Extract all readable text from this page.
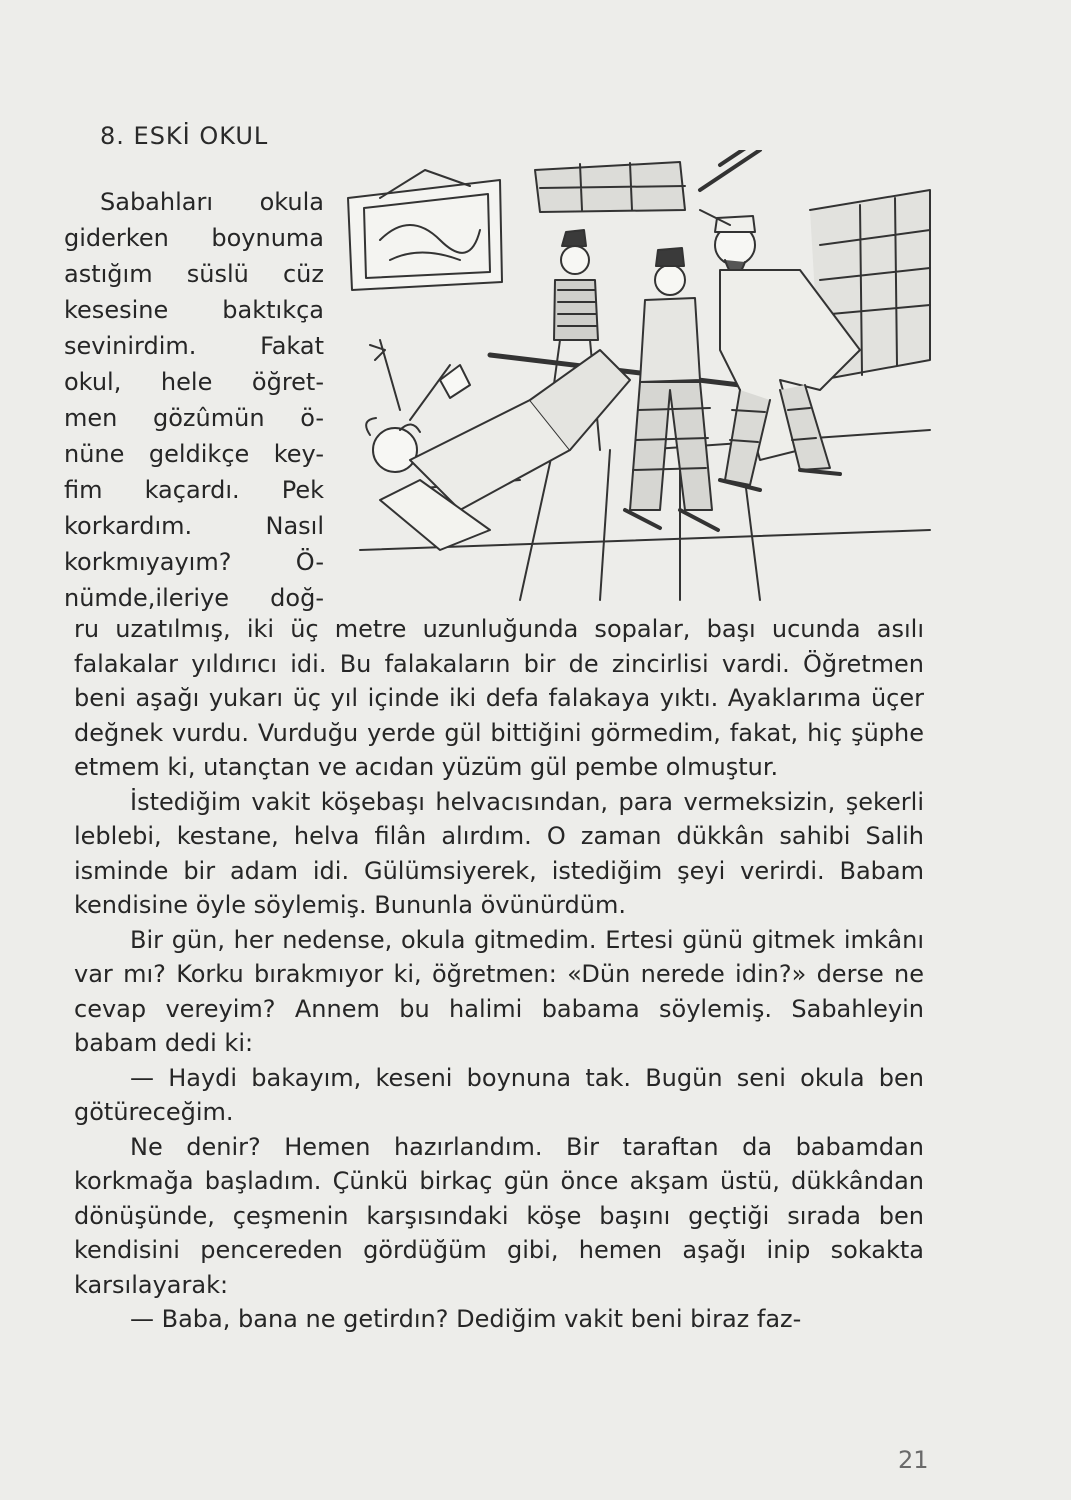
8. ESKİ OKUL
Sabahları okula
giderken boynuma
astığım süslü cüz
kesesine baktıkça
sevinirdim. Fakat
okul, hele öğret-
men gözûmün ö-
nüne geldikçe key-
fim kaçardı. Pek
korkardım. Nasıl
korkmıyayım? Ö-
nümde,ileriye doğ-

ru uzatılmış, iki üç metre uzunluğunda sopalar, başı ucunda asılı falakalar yıldırıcı idi. Bu falakaların bir de zincirlisi vardi. Öğretmen beni aşağı yukarı üç yıl içinde iki defa falakaya yıktı. Ayaklarıma üçer değnek vurdu. Vurduğu yerde gül bittiğini görmedim, fakat, hiç şüphe etmem ki, utançtan ve acıdan yüzüm gül pembe olmuştur.

İstediğim vakit köşebaşı helvacısından, para vermeksizin, şekerli leblebi, kestane, helva filân alırdım. O zaman dükkân sahibi Salih isminde bir adam idi. Gülümsiyerek, istediğim şeyi verirdi. Babam kendisine öyle söylemiş. Bununla övünürdüm.

Bir gün, her nedense, okula gitmedim. Ertesi günü gitmek imkânı var mı? Korku bırakmıyor ki, öğretmen: «Dün nerede idin?» derse ne cevap vereyim? Annem bu halimi babama söylemiş. Sabahleyin babam dedi ki:

— Haydi bakayım, keseni boynuna tak. Bugün seni okula ben götüreceğim.

Ne denir? Hemen hazırlandım. Bir taraftan da babamdan korkmağa başladım. Çünkü birkaç gün önce akşam üstü, dükkândan dönüşünde, çeşmenin karşısındaki köşe başını geçtiği sırada ben kendisini pencereden gördüğüm gibi, hemen aşağı inip sokakta karsılayarak:

— Baba, bana ne getirdın? Dediğim vakit beni biraz faz-

21
